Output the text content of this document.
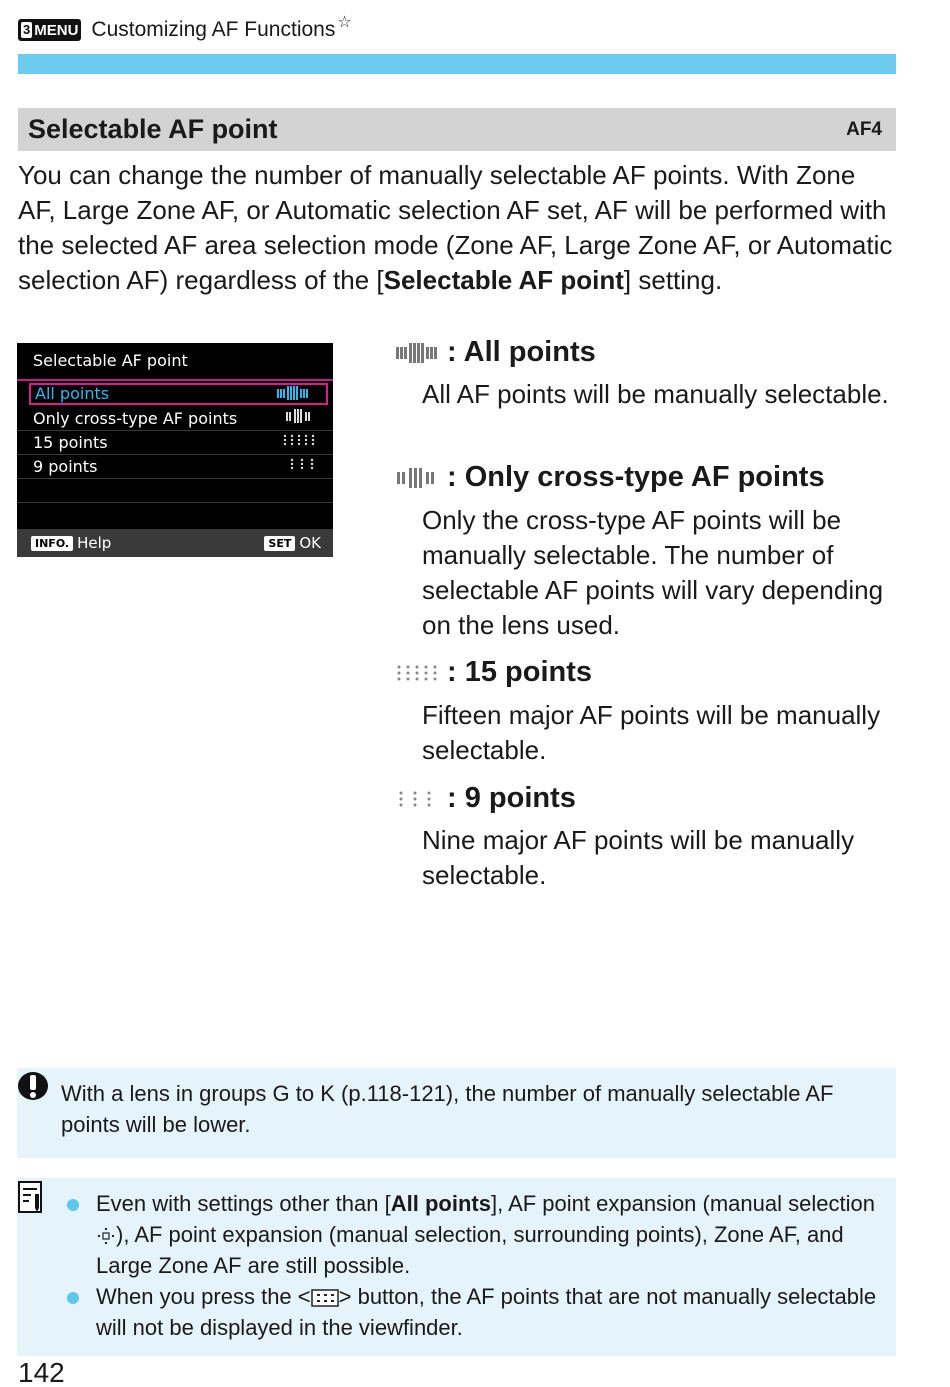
3 MENU Customizing AF Functions ☆
Selectable AF point	AF4

You can change the number of manually selectable AF points. With Zone AF, Large Zone AF, or Automatic selection AF set, AF will be performed with the selected AF area selection mode (Zone AF, Large Zone AF, or Automatic selection AF) regardless of the [Selectable AF point] setting.

Selectable AF point
All points
Only cross-type AF points
15 points
9 points
INFO. Help	SET OK
: All points

All AF points will be manually selectable.

: Only cross-type AF points

Only the cross-type AF points will be manually selectable. The number of selectable AF points will vary depending on the lens used.

: 15 points

Fifteen major AF points will be manually selectable.

: 9 points

Nine major AF points will be manually selectable.

With a lens in groups G to K (p.118-121), the number of manually selectable AF points will be lower.

Even with settings other than [All points], AF point expansion (manual selection ), AF point expansion (manual selection, surrounding points), Zone AF, and Large Zone AF are still possible.
When you press the < > button, the AF points that are not manually selectable will not be displayed in the viewfinder.
142
